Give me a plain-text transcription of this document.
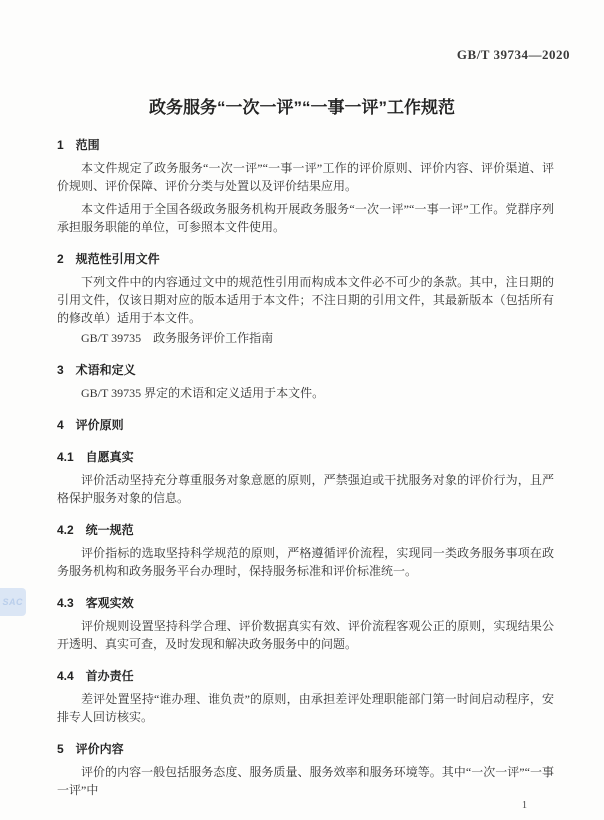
GB/T 39734—2020
政务服务“一次一评”“一事一评”工作规范
1　范围
本文件规定了政务服务“一次一评”“一事一评”工作的评价原则、评价内容、评价渠道、评价规则、评价保障、评价分类与处置以及评价结果应用。
本文件适用于全国各级政务服务机构开展政务服务“一次一评”“一事一评”工作。党群序列承担服务职能的单位，可参照本文件使用。
2　规范性引用文件
下列文件中的内容通过文中的规范性引用而构成本文件必不可少的条款。其中，注日期的引用文件，仅该日期对应的版本适用于本文件；不注日期的引用文件，其最新版本（包括所有的修改单）适用于本文件。
GB/T 39735　政务服务评价工作指南
3　术语和定义
GB/T 39735 界定的术语和定义适用于本文件。
4　评价原则
4.1　自愿真实
评价活动坚持充分尊重服务对象意愿的原则，严禁强迫或干扰服务对象的评价行为，且严格保护服务对象的信息。
4.2　统一规范
评价指标的选取坚持科学规范的原则，严格遵循评价流程，实现同一类政务服务事项在政务服务机构和政务服务平台办理时，保持服务标准和评价标准统一。
4.3　客观实效
评价规则设置坚持科学合理、评价数据真实有效、评价流程客观公正的原则，实现结果公开透明、真实可查，及时发现和解决政务服务中的问题。
4.4　首办责任
差评处置坚持“谁办理、谁负责”的原则，由承担差评处理职能部门第一时间启动程序，安排专人回访核实。
5　评价内容
评价的内容一般包括服务态度、服务质量、服务效率和服务环境等。其中“一次一评”“一事一评”中
SAC
1
